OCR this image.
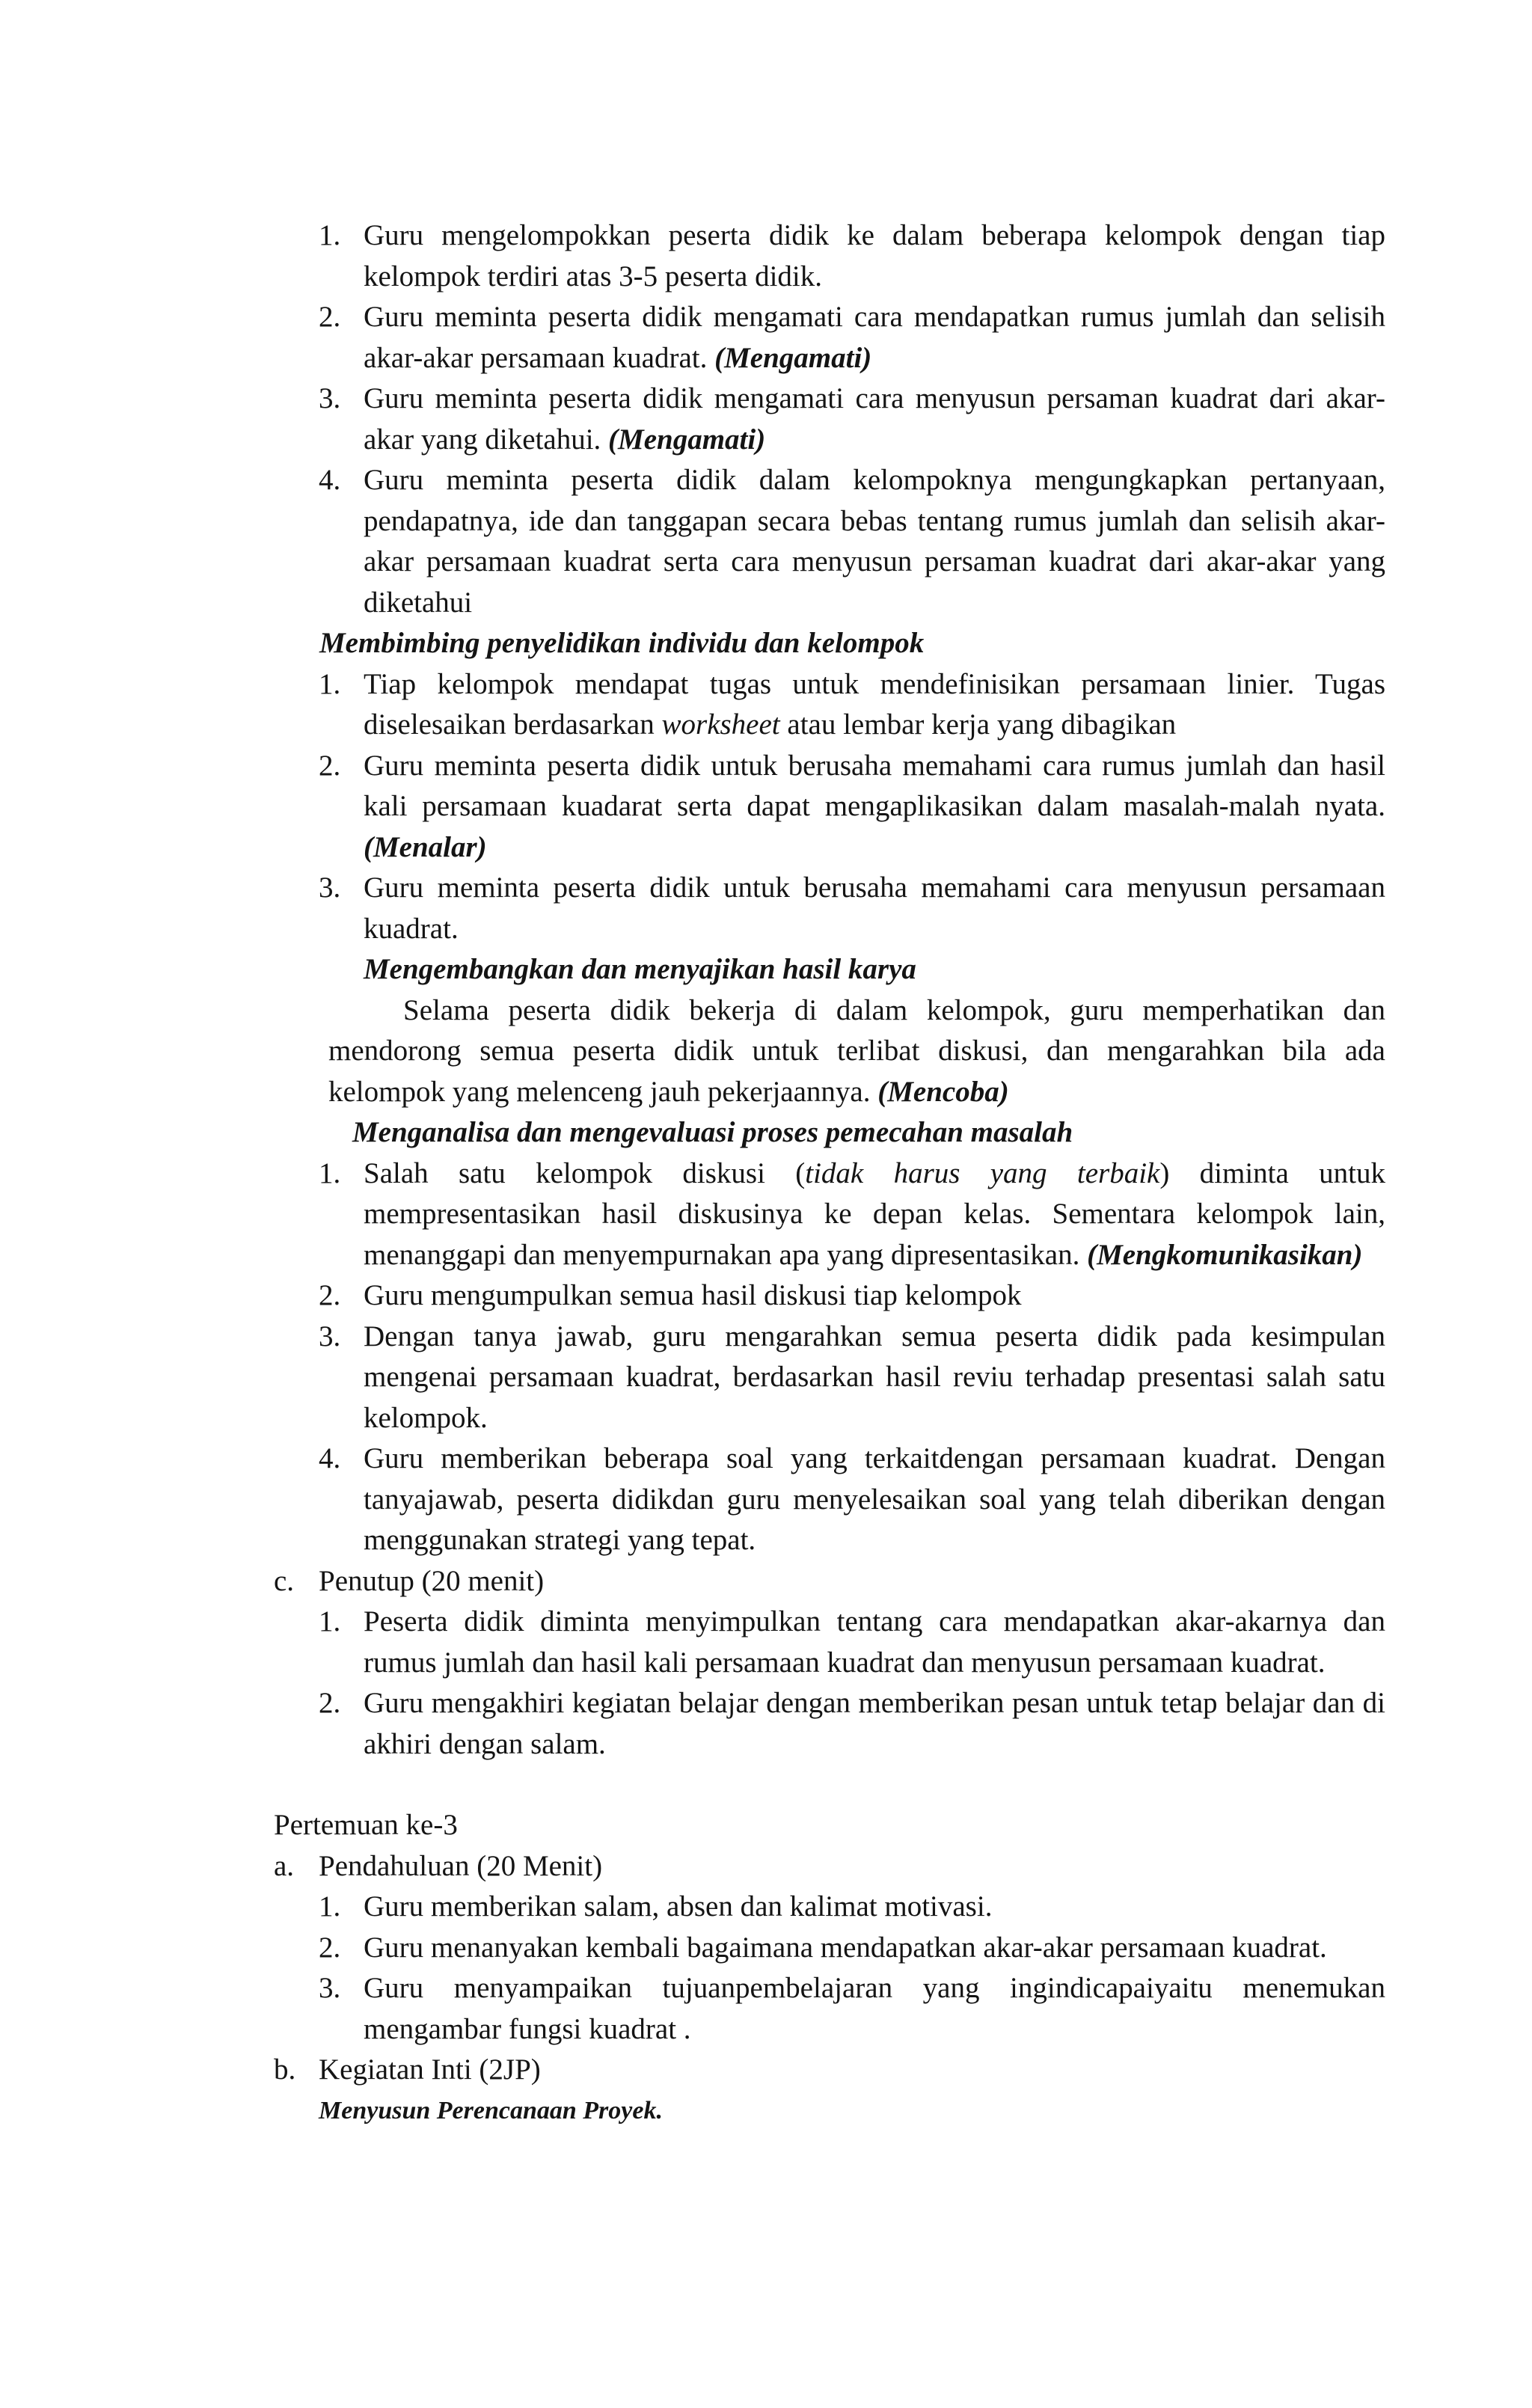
1. Guru mengelompokkan peserta didik ke dalam beberapa kelompok dengan tiap kelompok terdiri atas 3-5 peserta didik.
2. Guru meminta peserta didik mengamati cara mendapatkan rumus jumlah dan selisih akar-akar persamaan kuadrat. (Mengamati)
3. Guru meminta peserta didik mengamati cara menyusun persaman kuadrat dari akar-akar yang diketahui. (Mengamati)
4. Guru meminta peserta didik dalam kelompoknya mengungkapkan pertanyaan, pendapatnya, ide dan tanggapan secara bebas tentang rumus jumlah dan selisih akar-akar persamaan kuadrat serta cara menyusun persaman kuadrat dari akar-akar yang diketahui
Membimbing penyelidikan individu dan kelompok
1. Tiap kelompok mendapat tugas untuk mendefinisikan persamaan linier. Tugas diselesaikan berdasarkan worksheet atau lembar kerja yang dibagikan
2. Guru meminta peserta didik untuk berusaha memahami cara rumus jumlah dan hasil kali persamaan kuadarat serta dapat mengaplikasikan dalam masalah-malah nyata. (Menalar)
3. Guru meminta peserta didik untuk berusaha memahami cara menyusun persamaan kuadrat.
Mengembangkan dan menyajikan hasil karya

Selama peserta didik bekerja di dalam kelompok, guru memperhatikan dan mendorong semua peserta didik untuk terlibat diskusi, dan mengarahkan bila ada kelompok yang melenceng jauh pekerjaannya. (Mencoba)

Menganalisa dan mengevaluasi proses pemecahan masalah
1. Salah satu kelompok diskusi (tidak harus yang terbaik) diminta untuk mempresentasikan hasil diskusinya ke depan kelas. Sementara kelompok lain, menanggapi dan menyempurnakan apa yang dipresentasikan. (Mengkomunikasikan)
2. Guru mengumpulkan semua hasil diskusi tiap kelompok
3. Dengan tanya jawab, guru mengarahkan semua peserta didik pada kesimpulan mengenai persamaan kuadrat, berdasarkan hasil reviu terhadap presentasi salah satu kelompok.
4. Guru memberikan beberapa soal yang terkaitdengan persamaan kuadrat. Dengan tanyajawab, peserta didikdan guru menyelesaikan soal yang telah diberikan dengan menggunakan strategi yang tepat.
c. Penutup (20 menit)
1. Peserta didik diminta menyimpulkan tentang cara mendapatkan akar-akarnya dan rumus jumlah dan hasil kali persamaan kuadrat dan menyusun persamaan kuadrat.
2. Guru mengakhiri kegiatan belajar dengan memberikan pesan untuk tetap belajar dan di akhiri dengan salam.
Pertemuan ke-3
a. Pendahuluan (20 Menit)
1. Guru memberikan salam, absen dan kalimat motivasi.
2. Guru menanyakan kembali bagaimana mendapatkan akar-akar persamaan kuadrat.
3. Guru menyampaikan tujuanpembelajaran yang ingindicapaiyaitu menemukan mengambar fungsi kuadrat .
b. Kegiatan Inti (2JP)
Menyusun Perencanaan Proyek.
